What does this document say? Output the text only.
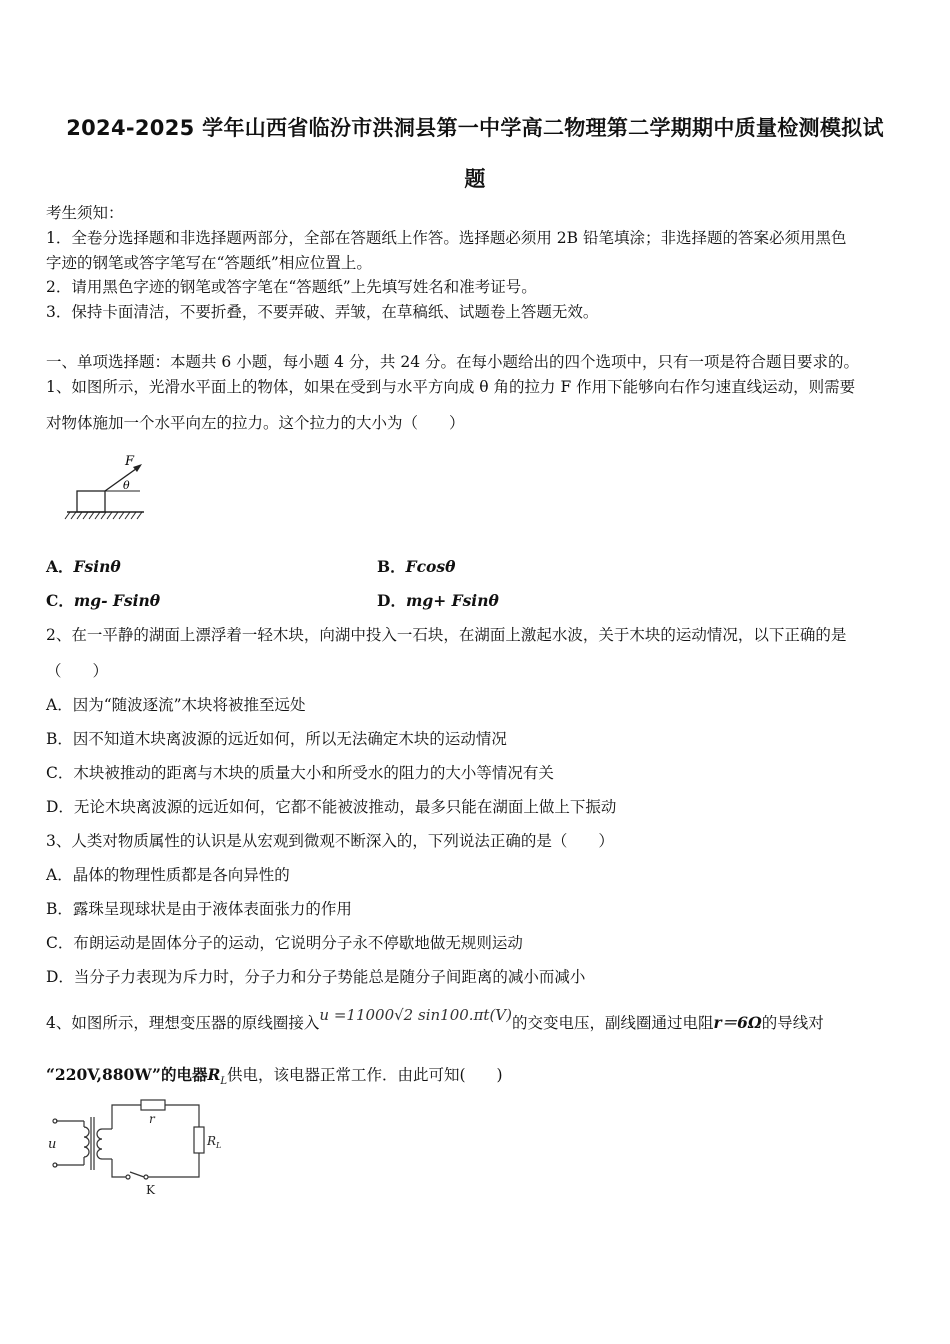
2024-2025 学年山西省临汾市洪洞县第一中学高二物理第二学期期中质量检测模拟试
题
考生须知：
1．全卷分选择题和非选择题两部分，全部在答题纸上作答。选择题必须用 2B 铅笔填涂；非选择题的答案必须用黑色
字迹的钢笔或答字笔写在“答题纸”相应位置上。
2．请用黑色字迹的钢笔或答字笔在“答题纸”上先填写姓名和准考证号。
3．保持卡面清洁，不要折叠，不要弄破、弄皱，在草稿纸、试题卷上答题无效。
一、单项选择题：本题共 6 小题，每小题 4 分，共 24 分。在每小题给出的四个选项中，只有一项是符合题目要求的。
1、如图所示，光滑水平面上的物体，如果在受到与水平方向成 θ 角的拉力 F 作用下能够向右作匀速直线运动，则需要
对物体施加一个水平向左的拉力。这个拉力的大小为（　　）
F
θ
A．Fsinθ	B．Fcosθ
C．mg- Fsinθ	D．mg+ Fsinθ
2、在一平静的湖面上漂浮着一轻木块，向湖中投入一石块，在湖面上激起水波，关于木块的运动情况，以下正确的是
（　　）
A．因为“随波逐流”木块将被推至远处
B．因不知道木块离波源的远近如何，所以无法确定木块的运动情况
C．木块被推动的距离与木块的质量大小和所受水的阻力的大小等情况有关
D．无论木块离波源的远近如何，它都不能被波推动，最多只能在湖面上做上下振动
3、人类对物质属性的认识是从宏观到微观不断深入的，下列说法正确的是（　　）
A．晶体的物理性质都是各向异性的
B．露珠呈现球状是由于液体表面张力的作用
C．布朗运动是固体分子的运动，它说明分子永不停歇地做无规则运动
D．当分子力表现为斥力时，分子力和分子势能总是随分子间距离的减小而减小
4、如图所示，理想变压器的原线圈接入u =11000√2 sin100.πt(V)的交变电压，副线圈通过电阻r＝6Ω的导线对
“220V,880W”的电器$R_L$供电，该电器正常工作．由此可知(　　)
u
r
$R_L$
K
